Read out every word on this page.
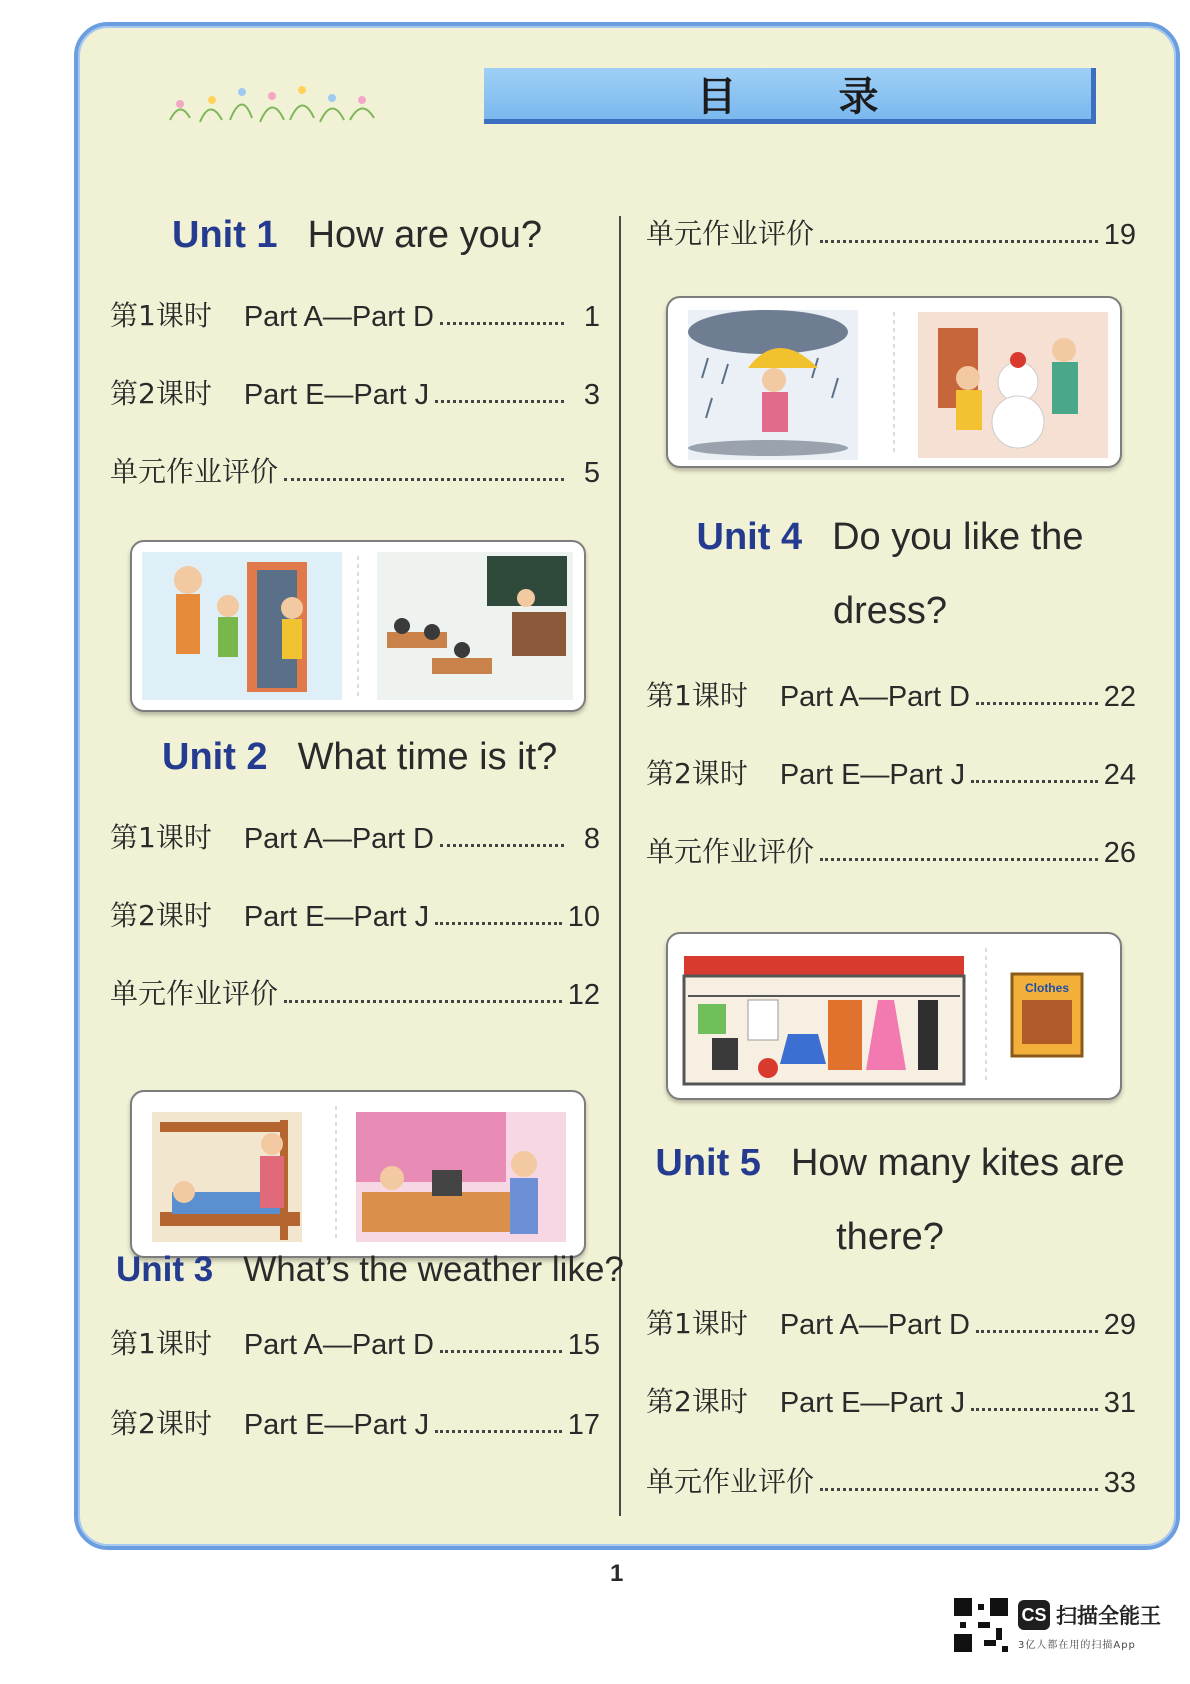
目 录
Unit 1 How are you?
第1课时 Part A—Part D	1
第2课时 Part E—Part J	3
单元作业评价	5
Unit 2 What time is it?
第1课时 Part A—Part D	8
第2课时 Part E—Part J	10
单元作业评价	12
Unit 3 What’s the weather like?
第1课时 Part A—Part D	15
第2课时 Part E—Part J	17
单元作业评价	19
Unit 4 Do you like the
dress?
第1课时 Part A—Part D	22
第2课时 Part E—Part J	24
单元作业评价	26
Clothes
Unit 5 How many kites are
there?
第1课时 Part A—Part D	29
第2课时 Part E—Part J	31
单元作业评价	33
1
CS 扫描全能王
3亿人都在用的扫描App
